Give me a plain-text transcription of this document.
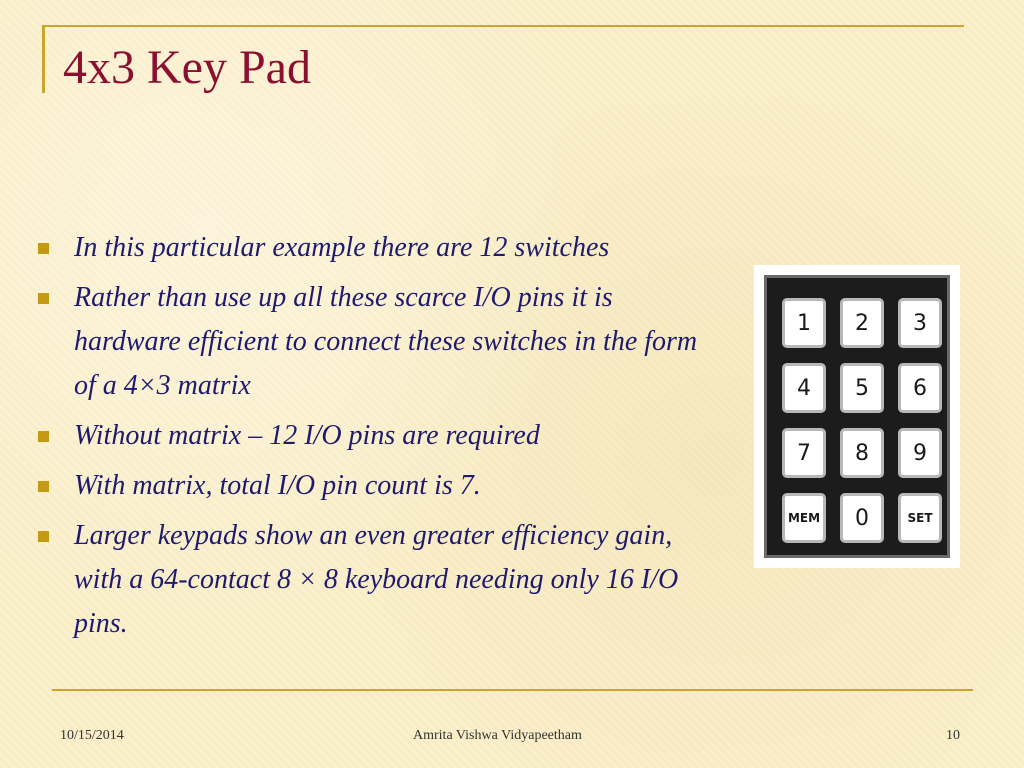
4x3 Key Pad
In this particular example there are 12 switches
Rather than use up all these scarce I/O pins it is hardware efficient to connect these switches in the form of a 4×3 matrix
Without matrix – 12 I/O pins are required
With matrix, total I/O pin count is 7.
Larger keypads show an even greater efficiency gain, with a 64-contact 8 × 8 keyboard needing only 16 I/O pins.
1	2	3
4	5	6
7	8	9
MEM	0	SET
10/15/2014	Amrita Vishwa Vidyapeetham	10
